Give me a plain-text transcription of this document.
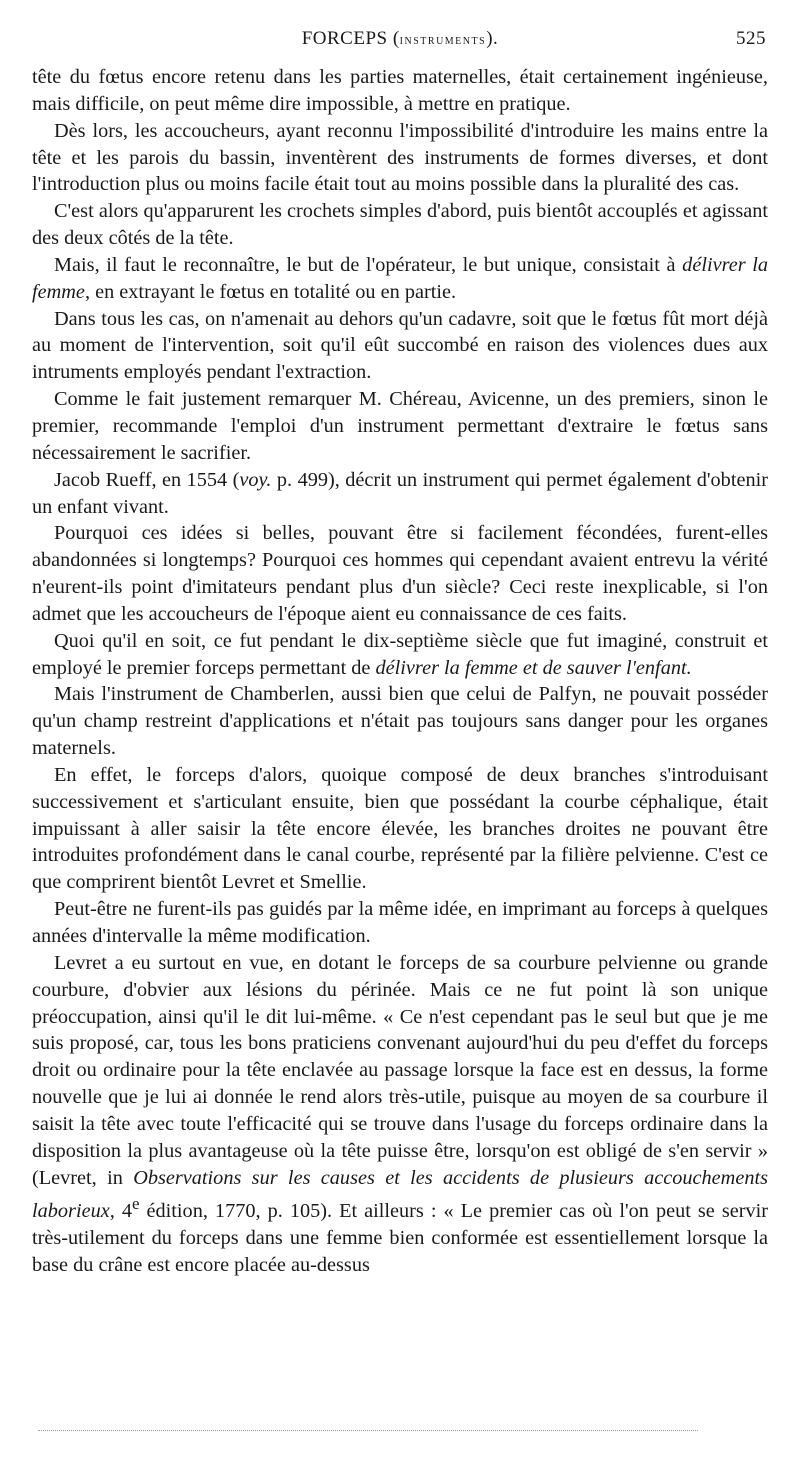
FORCEPS (instruments).	525

tête du fœtus encore retenu dans les parties maternelles, était certainement ingénieuse, mais difficile, on peut même dire impossible, à mettre en pratique.

Dès lors, les accoucheurs, ayant reconnu l'impossibilité d'introduire les mains entre la tête et les parois du bassin, inventèrent des instruments de formes diverses, et dont l'introduction plus ou moins facile était tout au moins possible dans la pluralité des cas.

C'est alors qu'apparurent les crochets simples d'abord, puis bientôt accouplés et agissant des deux côtés de la tête.

Mais, il faut le reconnaître, le but de l'opérateur, le but unique, consistait à délivrer la femme, en extrayant le fœtus en totalité ou en partie.

Dans tous les cas, on n'amenait au dehors qu'un cadavre, soit que le fœtus fût mort déjà au moment de l'intervention, soit qu'il eût succombé en raison des violences dues aux intruments employés pendant l'extraction.

Comme le fait justement remarquer M. Chéreau, Avicenne, un des premiers, sinon le premier, recommande l'emploi d'un instrument permettant d'extraire le fœtus sans nécessairement le sacrifier.

Jacob Rueff, en 1554 (voy. p. 499), décrit un instrument qui permet également d'obtenir un enfant vivant.

Pourquoi ces idées si belles, pouvant être si facilement fécondées, furent-elles abandonnées si longtemps? Pourquoi ces hommes qui cependant avaient entrevu la vérité n'eurent-ils point d'imitateurs pendant plus d'un siècle? Ceci reste inexplicable, si l'on admet que les accoucheurs de l'époque aient eu connaissance de ces faits.

Quoi qu'il en soit, ce fut pendant le dix-septième siècle que fut imaginé, construit et employé le premier forceps permettant de délivrer la femme et de sauver l'enfant.

Mais l'instrument de Chamberlen, aussi bien que celui de Palfyn, ne pouvait posséder qu'un champ restreint d'applications et n'était pas toujours sans danger pour les organes maternels.

En effet, le forceps d'alors, quoique composé de deux branches s'introduisant successivement et s'articulant ensuite, bien que possédant la courbe céphalique, était impuissant à aller saisir la tête encore élevée, les branches droites ne pouvant être introduites profondément dans le canal courbe, représenté par la filière pelvienne. C'est ce que comprirent bientôt Levret et Smellie.

Peut-être ne furent-ils pas guidés par la même idée, en imprimant au forceps à quelques années d'intervalle la même modification.

Levret a eu surtout en vue, en dotant le forceps de sa courbure pelvienne ou grande courbure, d'obvier aux lésions du périnée. Mais ce ne fut point là son unique préoccupation, ainsi qu'il le dit lui-même. « Ce n'est cependant pas le seul but que je me suis proposé, car, tous les bons praticiens convenant aujourd'hui du peu d'effet du forceps droit ou ordinaire pour la tête enclavée au passage lorsque la face est en dessus, la forme nouvelle que je lui ai donnée le rend alors très-utile, puisque au moyen de sa courbure il saisit la tête avec toute l'efficacité qui se trouve dans l'usage du forceps ordinaire dans la disposition la plus avantageuse où la tête puisse être, lorsqu'on est obligé de s'en servir » (Levret, in Observations sur les causes et les accidents de plusieurs accouchements laborieux, 4e édition, 1770, p. 105). Et ailleurs : « Le premier cas où l'on peut se servir très-utilement du forceps dans une femme bien conformée est essentiellement lorsque la base du crâne est encore placée au-dessus
